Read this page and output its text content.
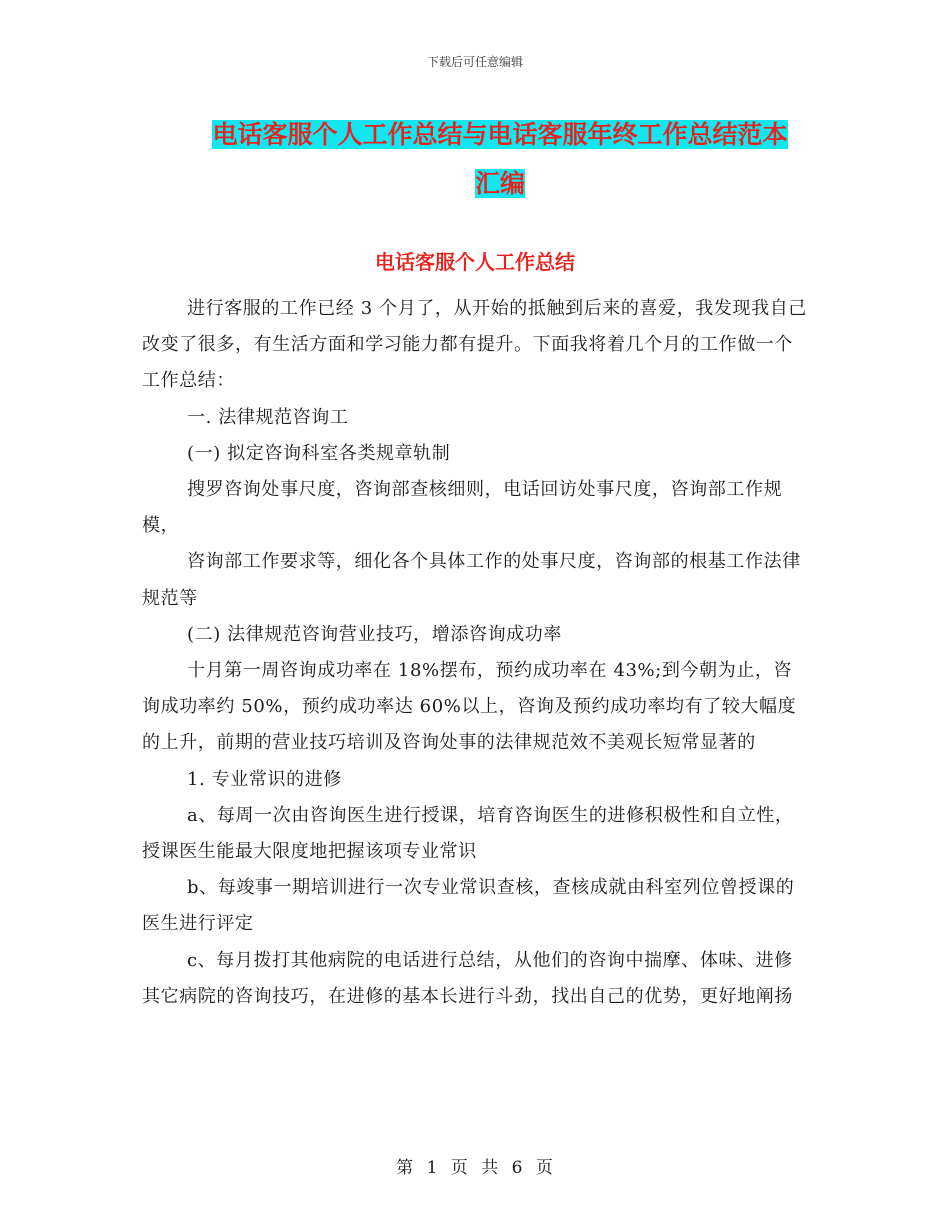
下载后可任意编辑
电话客服个人工作总结与电话客服年终工作总结范本
汇编
电话客服个人工作总结

进行客服的工作已经 3 个月了，从开始的抵触到后来的喜爱，我发现我自己改变了很多，有生活方面和学习能力都有提升。下面我将着几个月的工作做一个工作总结：

一. 法律规范咨询工

(一) 拟定咨询科室各类规章轨制

搜罗咨询处事尺度，咨询部查核细则，电话回访处事尺度，咨询部工作规模，

咨询部工作要求等，细化各个具体工作的处事尺度，咨询部的根基工作法律规范等

(二) 法律规范咨询营业技巧，增添咨询成功率

十月第一周咨询成功率在 18%摆布，预约成功率在 43%;到今朝为止，咨询成功率约 50%，预约成功率达 60%以上，咨询及预约成功率均有了较大幅度的上升，前期的营业技巧培训及咨询处事的法律规范效不美观长短常显著的

1. 专业常识的进修

a、每周一次由咨询医生进行授课，培育咨询医生的进修积极性和自立性，授课医生能最大限度地把握该项专业常识

b、每竣事一期培训进行一次专业常识查核，查核成就由科室列位曾授课的医生进行评定

c、每月拨打其他病院的电话进行总结，从他们的咨询中揣摩、体味、进修其它病院的咨询技巧，在进修的基本长进行斗劲，找出自己的优势，更好地阐扬

第 1 页 共 6 页
